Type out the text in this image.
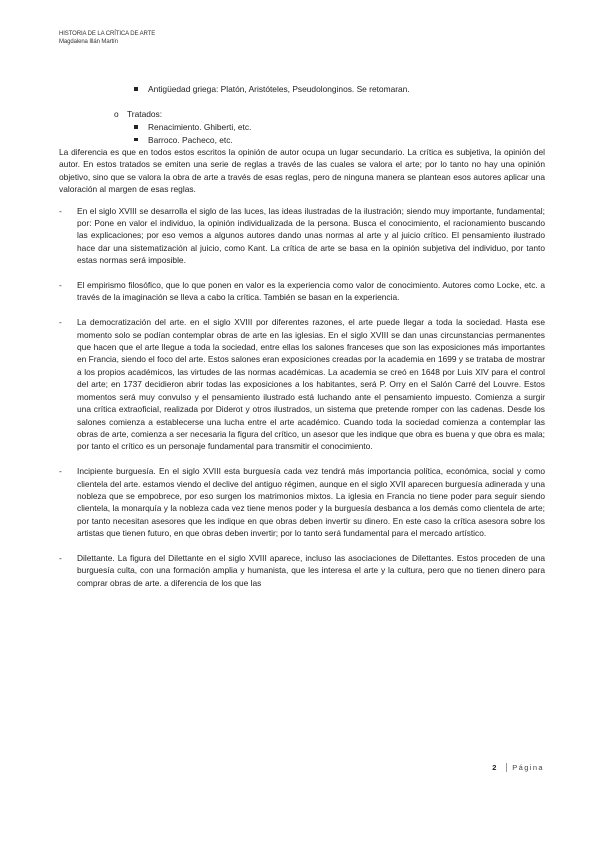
HISTORIA DE LA CRÍTICA DE ARTE
Magdalena Illán Martín
Antigüedad griega: Platón, Aristóteles, Pseudolonginos. Se retomaran.
o Tratados:
Renacimiento. Ghiberti, etc.
Barroco. Pacheco, etc.

La diferencia es que en todos estos escritos la opinión de autor ocupa un lugar secundario. La crítica es subjetiva, la opinión del autor. En estos tratados se emiten una serie de reglas a través de las cuales se valora el arte; por lo tanto no hay una opinión objetivo, sino que se valora la obra de arte a través de esas reglas, pero de ninguna manera se plantean esos autores aplicar una valoración al margen de esas reglas.

- En el siglo XVIII se desarrolla el siglo de las luces, las ideas ilustradas de la ilustración; siendo muy importante, fundamental; por: Pone en valor el individuo, la opinión individualizada de la persona. Busca el conocimiento, el racionamiento buscando las explicaciones; por eso vemos a algunos autores dando unas normas al arte y al juicio crítico. El pensamiento ilustrado hace dar una sistematización al juicio, como Kant. La crítica de arte se basa en la opinión subjetiva del individuo, por tanto estas normas será imposible.
- El empirismo filosófico, que lo que ponen en valor es la experiencia como valor de conocimiento. Autores como Locke, etc. a través de la imaginación se lleva a cabo la crítica. También se basan en la experiencia.
- La democratización del arte. en el siglo XVIII por diferentes razones, el arte puede llegar a toda la sociedad. Hasta ese momento solo se podían contemplar obras de arte en las iglesias. En el siglo XVIII se dan unas circunstancias permanentes que hacen que el arte llegue a toda la sociedad, entre ellas los salones franceses que son las exposiciones más importantes en Francia, siendo el foco del arte. Estos salones eran exposiciones creadas por la academia en 1699 y se trataba de mostrar a los propios académicos, las virtudes de las normas académicas. La academia se creó en 1648 por Luis XIV para el control del arte; en 1737 decidieron abrir todas las exposiciones a los habitantes, será P. Orry en el Salón Carré del Louvre. Estos momentos será muy convulso y el pensamiento ilustrado está luchando ante el pensamiento impuesto. Comienza a surgir una crítica extraoficial, realizada por Diderot y otros ilustrados, un sistema que pretende romper con las cadenas. Desde los salones comienza a establecerse una lucha entre el arte académico. Cuando toda la sociedad comienza a contemplar las obras de arte, comienza a ser necesaria la figura del crítico, un asesor que les indique que obra es buena y que obra es mala; por tanto el crítico es un personaje fundamental para transmitir el conocimiento.
- Incipiente burguesía. En el siglo XVIII esta burguesía cada vez tendrá más importancia política, económica, social y como clientela del arte. estamos viendo el declive del antiguo régimen, aunque en el siglo XVII aparecen burguesía adinerada y una nobleza que se empobrece, por eso surgen los matrimonios mixtos. La iglesia en Francia no tiene poder para seguir siendo clientela, la monarquía y la nobleza cada vez tiene menos poder y la burguesía desbanca a los demás como clientela de arte; por tanto necesitan asesores que les indique en que obras deben invertir su dinero. En este caso la crítica asesora sobre los artistas que tienen futuro, en que obras deben invertir; por lo tanto será fundamental para el mercado artístico.
- Dilettante. La figura del Dilettante en el siglo XVIII aparece, incluso las asociaciones de Dilettantes. Estos proceden de una burguesía culta, con una formación amplia y humanista, que les interesa el arte y la cultura, pero que no tienen dinero para comprar obras de arte. a diferencia de los que las
2 Página
